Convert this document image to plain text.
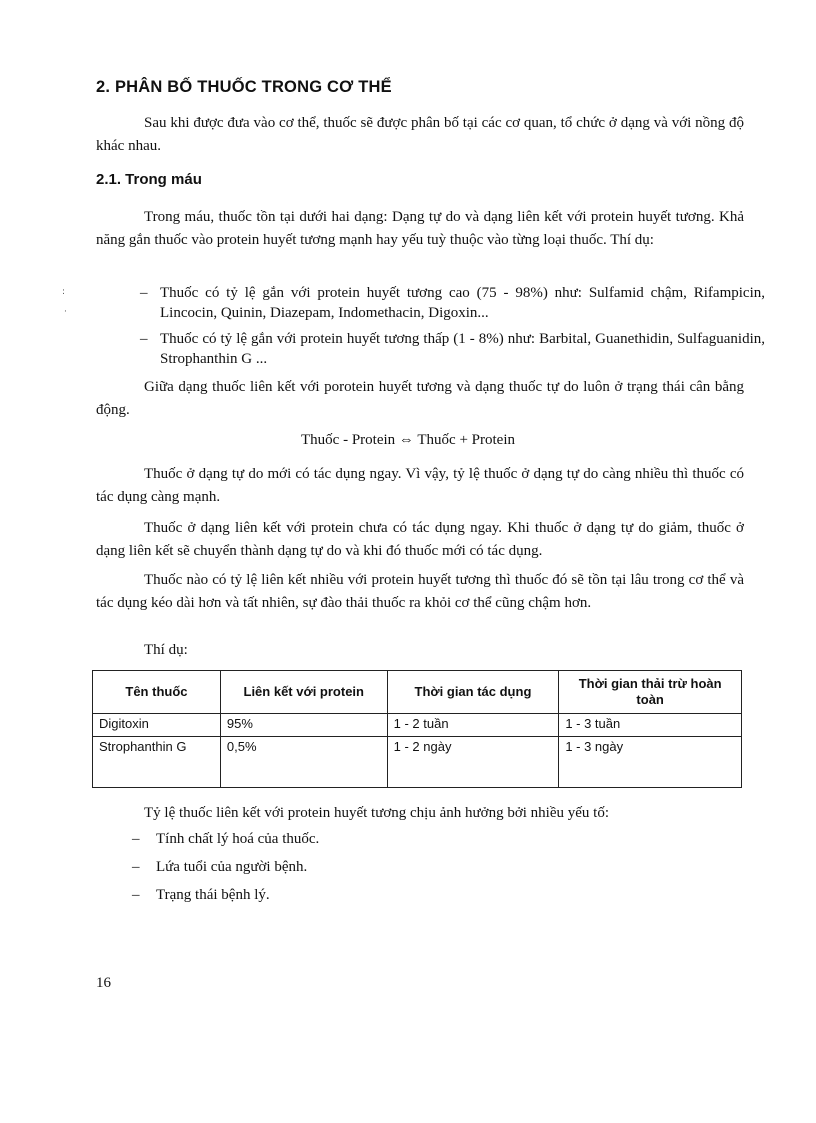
2. PHÂN BỐ THUỐC TRONG CƠ THỂ

Sau khi được đưa vào cơ thể, thuốc sẽ được phân bố tại các cơ quan, tổ chức ở dạng và với nồng độ khác nhau.

2.1. Trong máu

Trong máu, thuốc tồn tại dưới hai dạng: Dạng tự do và dạng liên kết với protein huyết tương. Khả năng gắn thuốc vào protein huyết tương mạnh hay yếu tuỳ thuộc vào từng loại thuốc. Thí dụ:

– Thuốc có tỷ lệ gắn với protein huyết tương cao (75 - 98%) như: Sulfamid chậm, Rifampicin, Lincocin, Quinin, Diazepam, Indomethacin, Digoxin...
– Thuốc có tỷ lệ gắn với protein huyết tương thấp (1 - 8%) như: Barbital, Guanethidin, Sulfaguanidin, Strophanthin G ...

Giữa dạng thuốc liên kết với porotein huyết tương và dạng thuốc tự do luôn ở trạng thái cân bằng động.

Thuốc - Protein ⇔ Thuốc + Protein

Thuốc ở dạng tự do mới có tác dụng ngay. Vì vậy, tỷ lệ thuốc ở dạng tự do càng nhiều thì thuốc có tác dụng càng mạnh.

Thuốc ở dạng liên kết với protein chưa có tác dụng ngay. Khi thuốc ở dạng tự do giảm, thuốc ở dạng liên kết sẽ chuyển thành dạng tự do và khi đó thuốc mới có tác dụng.

Thuốc nào có tỷ lệ liên kết nhiều với protein huyết tương thì thuốc đó sẽ tồn tại lâu trong cơ thể và tác dụng kéo dài hơn và tất nhiên, sự đào thải thuốc ra khỏi cơ thể cũng chậm hơn.

Thí dụ:
Tên thuốc	Liên kết với protein	Thời gian tác dụng	Thời gian thải trừ hoàn toàn
Digitoxin	95%	1 - 2 tuần	1 - 3 tuần
Strophanthin G	0,5%	1 - 2 ngày	1 - 3 ngày
Tỷ lệ thuốc liên kết với protein huyết tương chịu ảnh hưởng bởi nhiều yếu tố:
– Tính chất lý hoá của thuốc.
– Lứa tuổi của người bệnh.
– Trạng thái bệnh lý.
16
:
·
